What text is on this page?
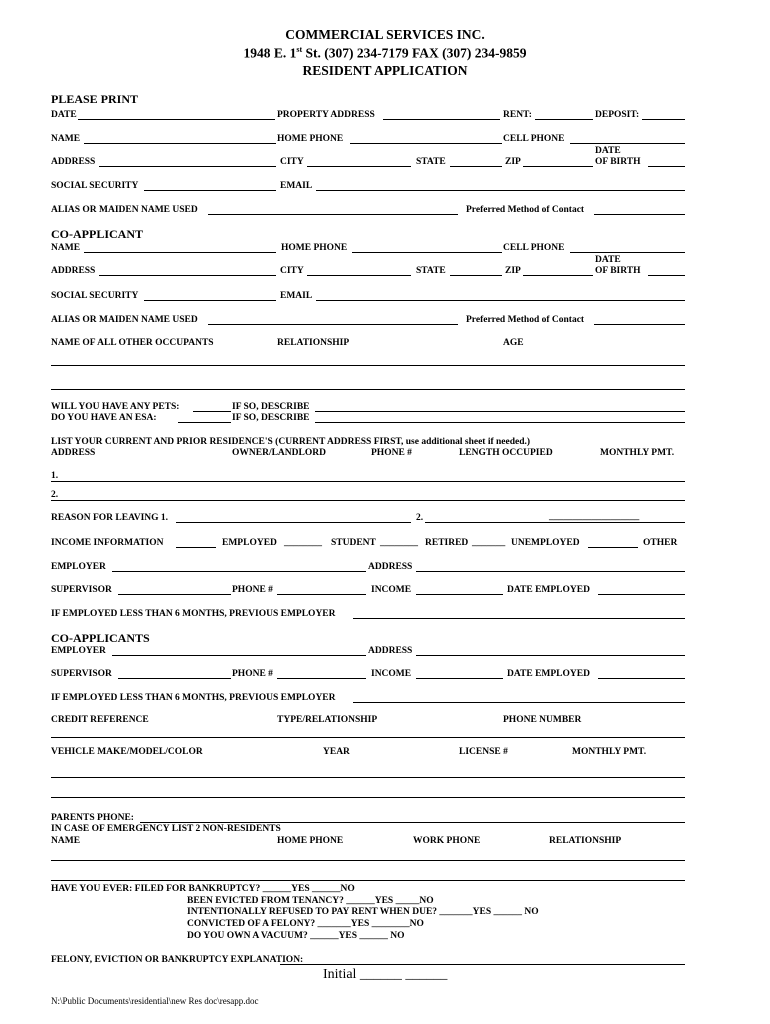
COMMERCIAL SERVICES INC.
1948 E. 1st St. (307) 234-7179 FAX (307) 234-9859
RESIDENT APPLICATION
PLEASE PRINT
DATE	PROPERTY ADDRESS	RENT:	DEPOSIT:
NAME	HOME PHONE	CELL PHONE
DATE
ADDRESS	CITY	STATE	ZIP	OF BIRTH
SOCIAL SECURITY	EMAIL
ALIAS OR MAIDEN NAME USED	Preferred Method of Contact
CO-APPLICANT
NAME	HOME PHONE	CELL PHONE
DATE
ADDRESS	CITY	STATE	ZIP	OF BIRTH
SOCIAL SECURITY	EMAIL
ALIAS OR MAIDEN NAME USED	Preferred Method of Contact
NAME OF ALL OTHER OCCUPANTS	RELATIONSHIP	AGE
WILL YOU HAVE ANY PETS:	IF SO, DESCRIBE
DO YOU HAVE AN ESA:	IF SO, DESCRIBE
LIST YOUR CURRENT AND PRIOR RESIDENCE'S (CURRENT ADDRESS FIRST, use additional sheet if needed.)
ADDRESS	OWNER/LANDLORD	PHONE #	LENGTH OCCUPIED	MONTHLY PMT.
1.
2.
REASON FOR LEAVING 1.	2.	___________________
INCOME INFORMATION	EMPLOYED ________ STUDENT ________ RETIRED _______ UNEMPLOYED	OTHER
EMPLOYER	ADDRESS
SUPERVISOR	PHONE #	INCOME	DATE EMPLOYED
IF EMPLOYED LESS THAN 6 MONTHS, PREVIOUS EMPLOYER
CO-APPLICANTS
EMPLOYER	ADDRESS
SUPERVISOR	PHONE #	INCOME	DATE EMPLOYED
IF EMPLOYED LESS THAN 6 MONTHS, PREVIOUS EMPLOYER
CREDIT REFERENCE	TYPE/RELATIONSHIP	PHONE NUMBER
VEHICLE MAKE/MODEL/COLOR	YEAR	LICENSE #	MONTHLY PMT.
PARENTS PHONE:
IN CASE OF EMERGENCY LIST 2 NON-RESIDENTS
NAME	HOME PHONE	WORK PHONE	RELATIONSHIP
HAVE YOU EVER: FILED FOR BANKRUPTCY? ______YES ______NO
BEEN EVICTED FROM TENANCY? ______YES _____NO
INTENTIONALLY REFUSED TO PAY RENT WHEN DUE? _______YES ______ NO
CONVICTED OF A FELONY? _______YES ________NO
DO YOU OWN A VACUUM? ______YES ______ NO
FELONY, EVICTION OR BANKRUPTCY EXPLANATION:
Initial ______ ______
N:\Public Documents\residential\new Res doc\resapp.doc
